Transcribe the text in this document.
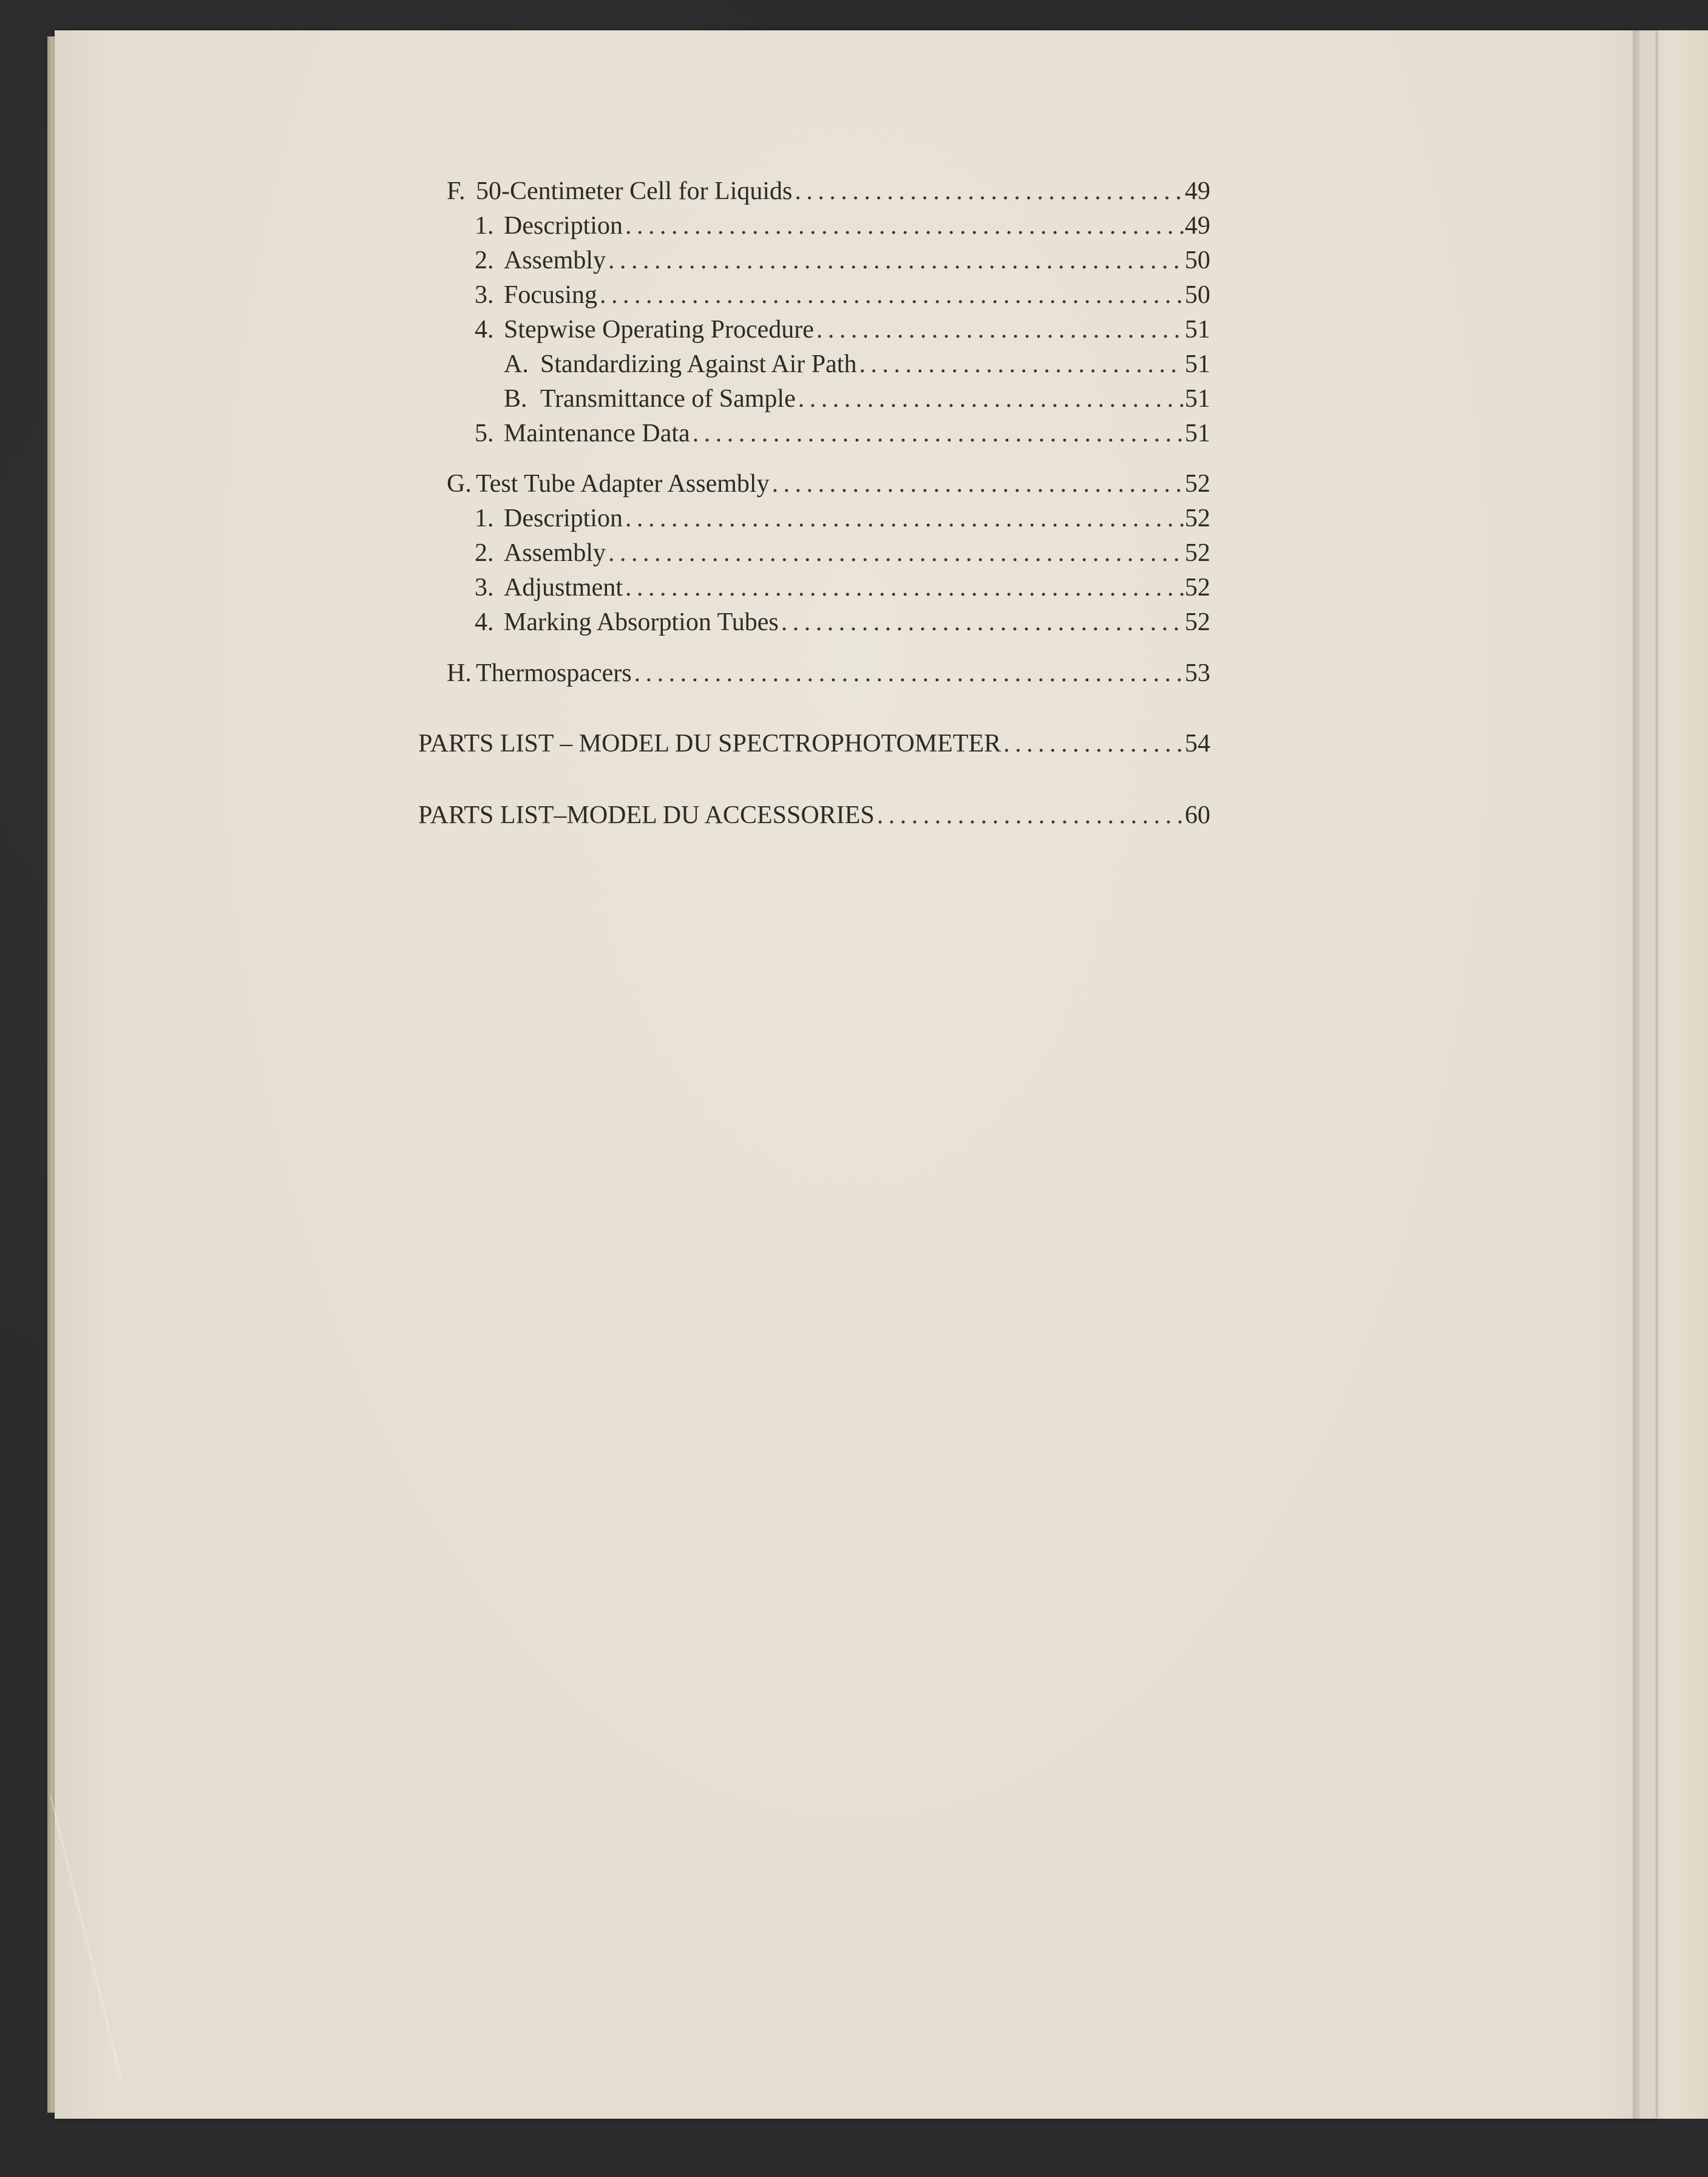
F. 50-Centimeter Cell for Liquids .....	49
1. Description .....	49
2. Assembly .....	50
3. Focusing .....	50
4. Stepwise Operating Procedure .....	51
A. Standardizing Against Air Path .....	51
B. Transmittance of Sample .....	51
5. Maintenance Data .....	51
G. Test Tube Adapter Assembly .....	52
1. Description .....	52
2. Assembly .....	52
3. Adjustment .....	52
4. Marking Absorption Tubes .....	52
H. Thermospacers .....	53
PARTS LIST – MODEL DU SPECTROPHOTOMETER .....	54
PARTS LIST–MODEL DU ACCESSORIES .....	60
